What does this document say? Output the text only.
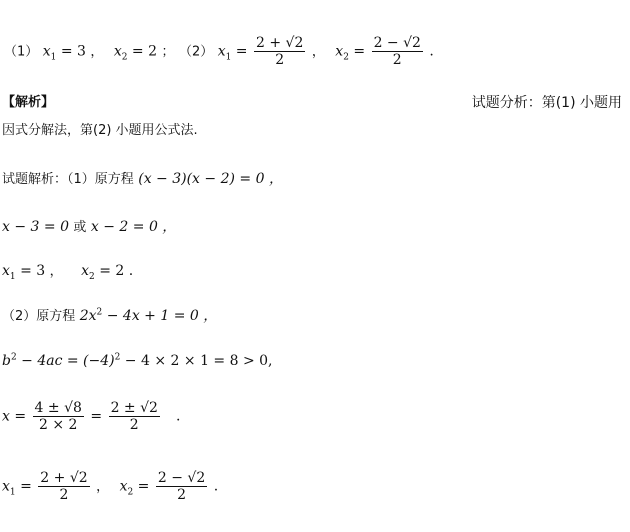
（1） $x_1 = 3$ ， $x_2 = 2$ ； （2） $x_1 = \frac{2 + √2}{2}$ ， $x_2 = \frac{2 - √2}{2}$ .
【解析】	试题分析：第(1) 小题用
因式分解法，第(2) 小题用公式法.
试题解析：（1）原方程 (x − 3)(x − 2) = 0 ，
x − 3 = 0 或 x − 2 = 0 ，
$x_1 = 3$ ， $x_2 = 2$ .
（2）原方程 $2x^2 - 4x + 1 = 0$ ，
$b^2 - 4ac = (-4)^2 - 4 \times 2 \times 1 = 8 > 0$,
$x = \frac{4 \pm √8}{2 \times 2} = \frac{2 \pm √2}{2}$ .
$x_1 = \frac{2 + √2}{2}$ ， $x_2 = \frac{2 - √2}{2}$ .
